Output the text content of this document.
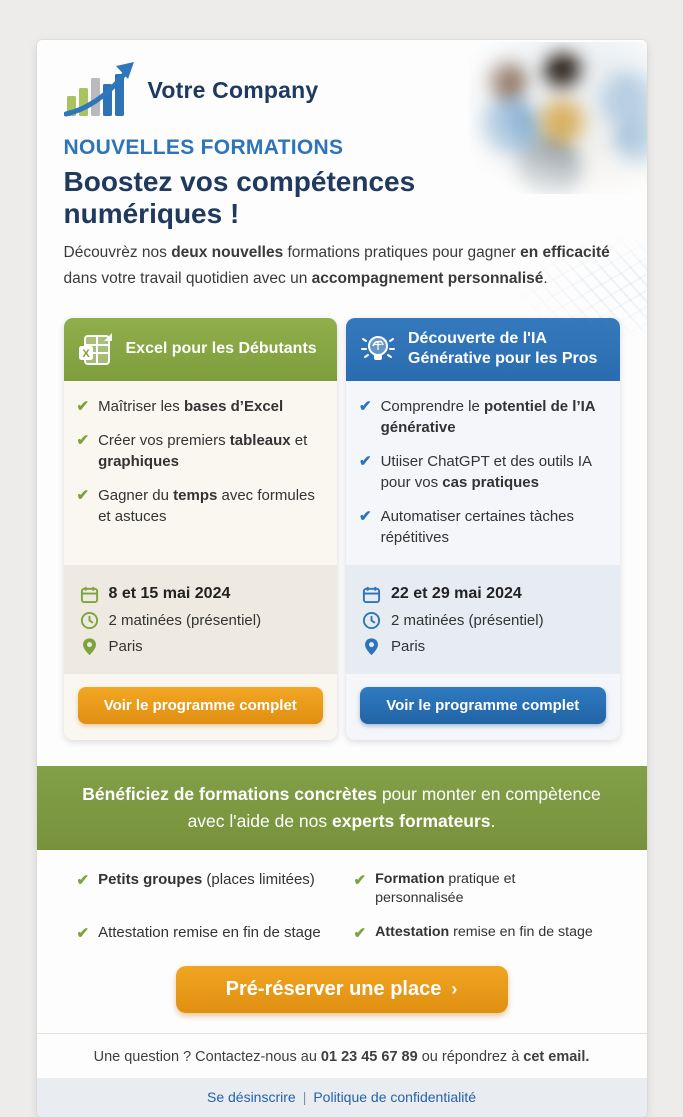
Votre Company
NOUVELLES FORMATIONS
Boostez vos compétences
numériques !

Découvrèz nos deux nouvelles formations pratiques pour gagner en efficacité dans votre travail quotidien avec un accompagnement personnalisé.

X Excel pour les Débutants
✔ Maîtriser les bases d’Excel
✔ Créer vos premiers tableaux et graphiques
✔ Gagner du temps avec formules et astuces
8 et 15 mai 2024
2 matinées (présentiel)
Paris
Voir le programme complet
Découverte de l'IA Générative pour les Pros
✔ Comprendre le potentiel de l’IA générative
✔ Utiiser ChatGPT et des outils IA pour vos cas pratiques
✔ Automatiser certaines tàches répétitives
22 et 29 mai 2024
2 matinées (présentiel)
Paris
Voir le programme complet
Bénéficiez de formations concrètes pour monter en compètence avec l'aide de nos experts formateurs.
✔ Petits groupes (places limitées)	✔ Formation pratique et personnalisée
✔ Attestation remise en fin de stage ✔ Attestation remise en fin de stage
Pré-réserver une place ›
Une question ? Contactez-nous au 01 23 45 67 89 ou répondrez à cet email.
Se désinscrire | Politique de confidentialité
